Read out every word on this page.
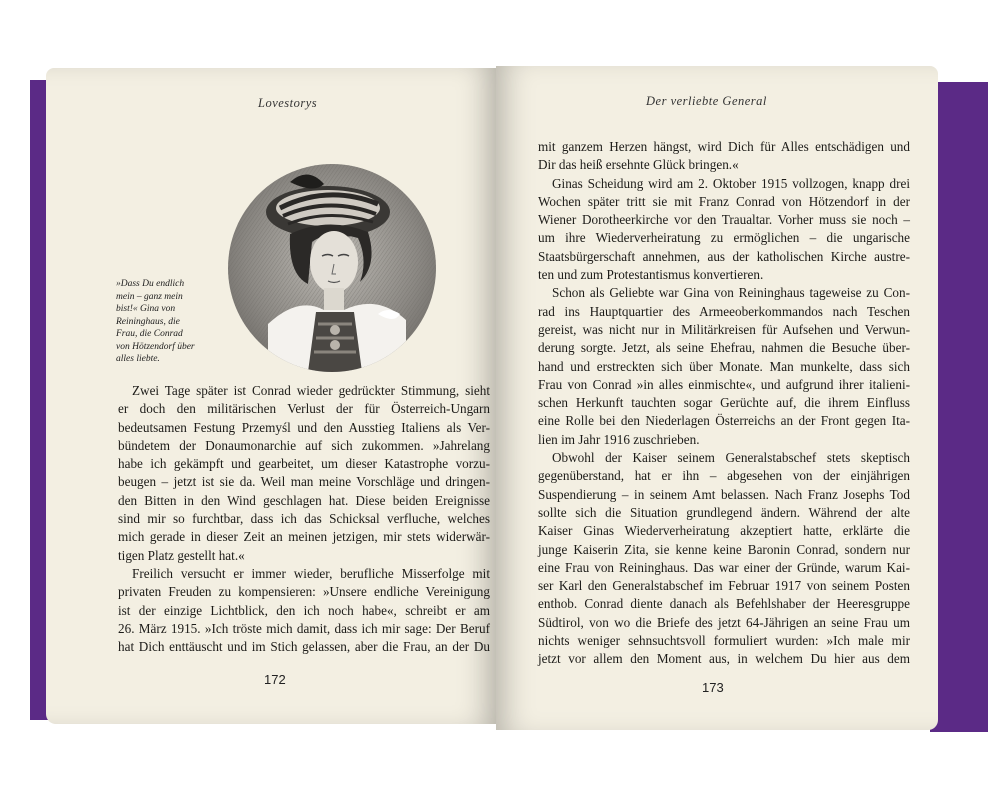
Lovestorys
»Dass Du endlich
mein – ganz mein
bist!« Gina von
Reininghaus, die
Frau, die Conrad
von Hötzendorf über
alles liebte.
Zwei Tage später ist Conrad wieder gedrückter Stimmung, sieht
er doch den militärischen Verlust der für Österreich-Ungarn
bedeutsamen Festung Przemyśl und den Ausstieg Italiens als Ver-
bündetem der Donaumonarchie auf sich zukommen. »Jahrelang
habe ich gekämpft und gearbeitet, um dieser Katastrophe vorzu-
beugen – jetzt ist sie da. Weil man meine Vorschläge und dringen-
den Bitten in den Wind geschlagen hat. Diese beiden Ereignisse
sind mir so furchtbar, dass ich das Schicksal verfluche, welches
mich gerade in dieser Zeit an meinen jetzigen, mir stets widerwär-
tigen Platz gestellt hat.«
Freilich versucht er immer wieder, berufliche Misserfolge mit
privaten Freuden zu kompensieren: »Unsere endliche Vereinigung
ist der einzige Lichtblick, den ich noch habe«, schreibt er am
26. März 1915. »Ich tröste mich damit, dass ich mir sage: Der Beruf
hat Dich enttäuscht und im Stich gelassen, aber die Frau, an der Du
172
Der verliebte General
mit ganzem Herzen hängst, wird Dich für Alles entschädigen und
Dir das heiß ersehnte Glück bringen.«
Ginas Scheidung wird am 2. Oktober 1915 vollzogen, knapp drei
Wochen später tritt sie mit Franz Conrad von Hötzendorf in der
Wiener Dorotheerkirche vor den Traualtar. Vorher muss sie noch –
um ihre Wiederverheiratung zu ermöglichen – die ungarische
Staatsbürgerschaft annehmen, aus der katholischen Kirche austre-
ten und zum Protestantismus konvertieren.
Schon als Geliebte war Gina von Reininghaus tageweise zu Con-
rad ins Hauptquartier des Armeeoberkommandos nach Teschen
gereist, was nicht nur in Militärkreisen für Aufsehen und Verwun-
derung sorgte. Jetzt, als seine Ehefrau, nahmen die Besuche über-
hand und erstreckten sich über Monate. Man munkelte, dass sich
Frau von Conrad »in alles einmischte«, und aufgrund ihrer italieni-
schen Herkunft tauchten sogar Gerüchte auf, die ihrem Einfluss
eine Rolle bei den Niederlagen Österreichs an der Front gegen Ita-
lien im Jahr 1916 zuschrieben.
Obwohl der Kaiser seinem Generalstabschef stets skeptisch
gegenüberstand, hat er ihn – abgesehen von der einjährigen
Suspendierung – in seinem Amt belassen. Nach Franz Josephs Tod
sollte sich die Situation grundlegend ändern. Während der alte
Kaiser Ginas Wiederverheiratung akzeptiert hatte, erklärte die
junge Kaiserin Zita, sie kenne keine Baronin Conrad, sondern nur
eine Frau von Reininghaus. Das war einer der Gründe, warum Kai-
ser Karl den Generalstabschef im Februar 1917 von seinem Posten
enthob. Conrad diente danach als Befehlshaber der Heeresgruppe
Südtirol, von wo die Briefe des jetzt 64-Jährigen an seine Frau um
nichts weniger sehnsuchtsvoll formuliert wurden: »Ich male mir
jetzt vor allem den Moment aus, in welchem Du hier aus dem
173
